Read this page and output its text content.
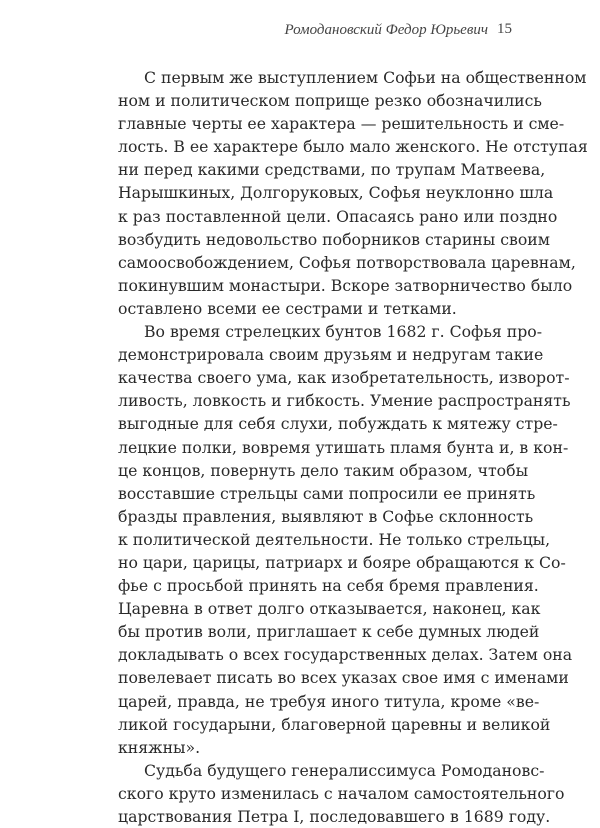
Ромодановский Федор Юрьевич 15
С первым же выступлением Софьи на общественном
ном и политическом поприще резко обозначились
главные черты ее характера — решительность и сме-
лость. В ее характере было мало женского. Не отступая
ни перед какими средствами, по трупам Матвеева,
Нарышкиных, Долгоруковых, Софья неуклонно шла
к раз поставленной цели. Опасаясь рано или поздно
возбудить недовольство поборников старины своим
самоосвобождением, Софья потворствовала царевнам,
покинувшим монастыри. Вскоре затворничество было
оставлено всеми ее сестрами и тетками.
Во время стрелецких бунтов 1682 г. Софья про-
демонстрировала своим друзьям и недругам такие
качества своего ума, как изобретательность, изворот-
ливость, ловкость и гибкость. Умение распространять
выгодные для себя слухи, побуждать к мятежу стре-
лецкие полки, вовремя утишать пламя бунта и, в кон-
це концов, повернуть дело таким образом, чтобы
восставшие стрельцы сами попросили ее принять
бразды правления, выявляют в Софье склонность
к политической деятельности. Не только стрельцы,
но цари, царицы, патриарх и бояре обращаются к Со-
фье с просьбой принять на себя бремя правления.
Царевна в ответ долго отказывается, наконец, как
бы против воли, приглашает к себе думных людей
докладывать о всех государственных делах. Затем она
повелевает писать во всех указах свое имя с именами
царей, правда, не требуя иного титула, кроме «ве-
ликой государыни, благоверной царевны и великой
княжны».
Судьба будущего генералиссимуса Ромодановс-
ского круто изменилась с началом самостоятельного
царствования Петра I, последовавшего в 1689 году.
